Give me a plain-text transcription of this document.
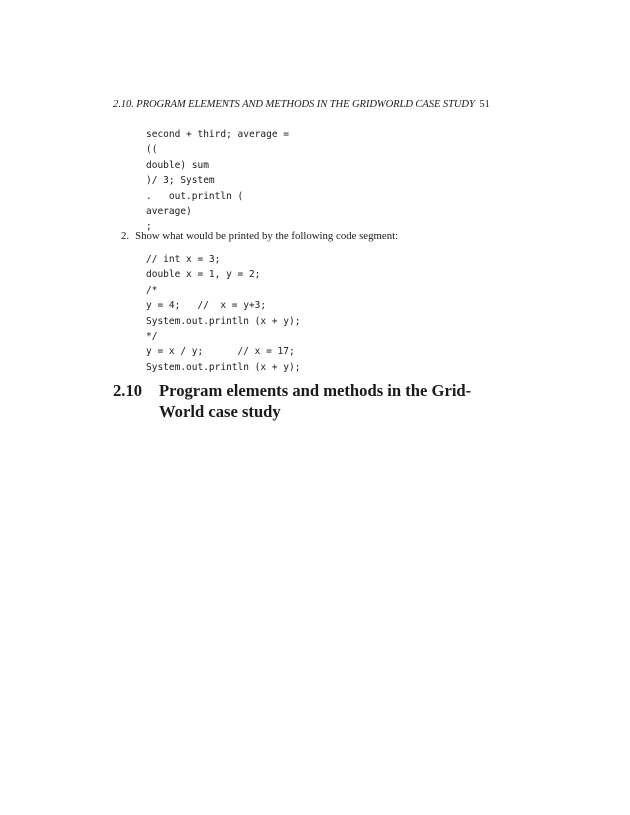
2.10. PROGRAM ELEMENTS AND METHODS IN THE GRIDWORLD CASE STUDY 51
second + third; average =
((
double) sum
)/ 3; System
.   out.println (
average)
;
2. Show what would be printed by the following code segment:
// int x = 3;
double x = 1, y = 2;
/*
y = 4;   //  x = y+3;
System.out.println (x + y);
*/
y = x / y;      // x = 17;
System.out.println (x + y);
2.10 Program elements and methods in the Grid-
World case study
